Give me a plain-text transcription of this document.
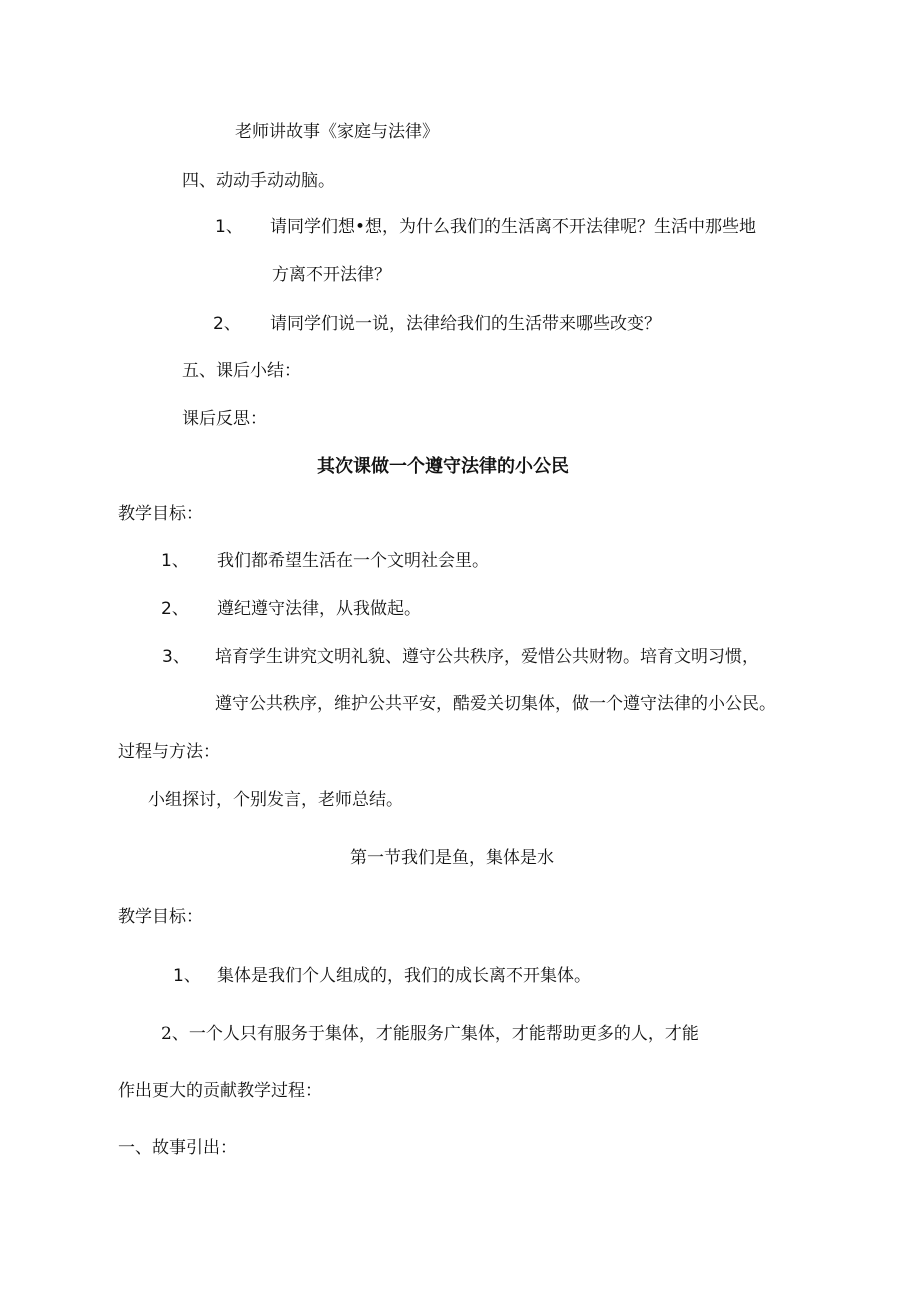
老师讲故事《家庭与法律》
四、动动手动动脑。
1、 请同学们想•想，为什么我们的生活离不开法律呢？生活中那些地
方离不开法律？
2、 请同学们说一说，法律给我们的生活带来哪些改变？
五、课后小结：
课后反思：
其次课做一个遵守法律的小公民
教学目标：
1、 我们都希望生活在一个文明社会里。
2、 遵纪遵守法律，从我做起。
3、 培育学生讲究文明礼貌、遵守公共秩序，爱惜公共财物。培育文明习惯，
遵守公共秩序，维护公共平安，酷爱关切集体，做一个遵守法律的小公民。
过程与方法：
小组探讨，个别发言，老师总结。
第一节我们是鱼，集体是水
教学目标：
1、 集体是我们个人组成的，我们的成长离不开集体。
2、一个人只有服务于集体，才能服务广集体，才能帮助更多的人，才能
作出更大的贡献教学过程：
一、故事引出：
